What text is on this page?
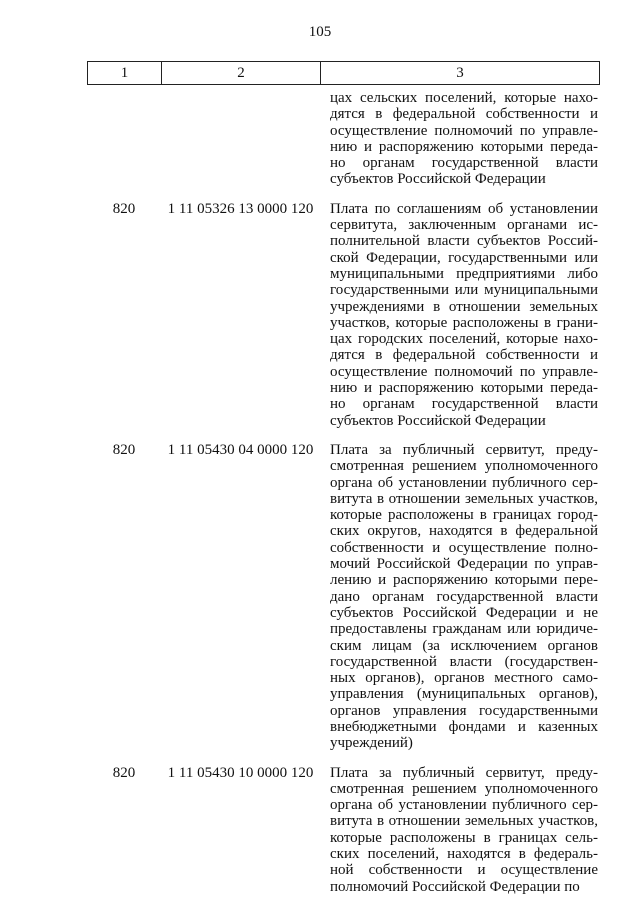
105
1	2	3
цах сельских поселений, которые нахо-
дятся в федеральной собственности и
осуществление полномочий по управле-
нию и распоряжению которыми переда-
но органам государственной власти
субъектов Российской Федерации
820	1 11 05326 13 0000 120	Плата по соглашениям об установлении
сервитута, заключенным органами ис-
полнительной власти субъектов Россий-
ской Федерации, государственными или
муниципальными предприятиями либо
государственными или муниципальными
учреждениями в отношении земельных
участков, которые расположены в грани-
цах городских поселений, которые нахо-
дятся в федеральной собственности и
осуществление полномочий по управле-
нию и распоряжению которыми переда-
но органам государственной власти
субъектов Российской Федерации
820	1 11 05430 04 0000 120	Плата за публичный сервитут, преду-
смотренная решением уполномоченного
органа об установлении публичного сер-
витута в отношении земельных участков,
которые расположены в границах город-
ских округов, находятся в федеральной
собственности и осуществление полно-
мочий Российской Федерации по управ-
лению и распоряжению которыми пере-
дано органам государственной власти
субъектов Российской Федерации и не
предоставлены гражданам или юридиче-
ским лицам (за исключением органов
государственной власти (государствен-
ных органов), органов местного само-
управления (муниципальных органов),
органов управления государственными
внебюджетными фондами и казенных
учреждений)
820	1 11 05430 10 0000 120	Плата за публичный сервитут, преду-
смотренная решением уполномоченного
органа об установлении публичного сер-
витута в отношении земельных участков,
которые расположены в границах сель-
ских поселений, находятся в федераль-
ной собственности и осуществление
полномочий Российской Федерации по
